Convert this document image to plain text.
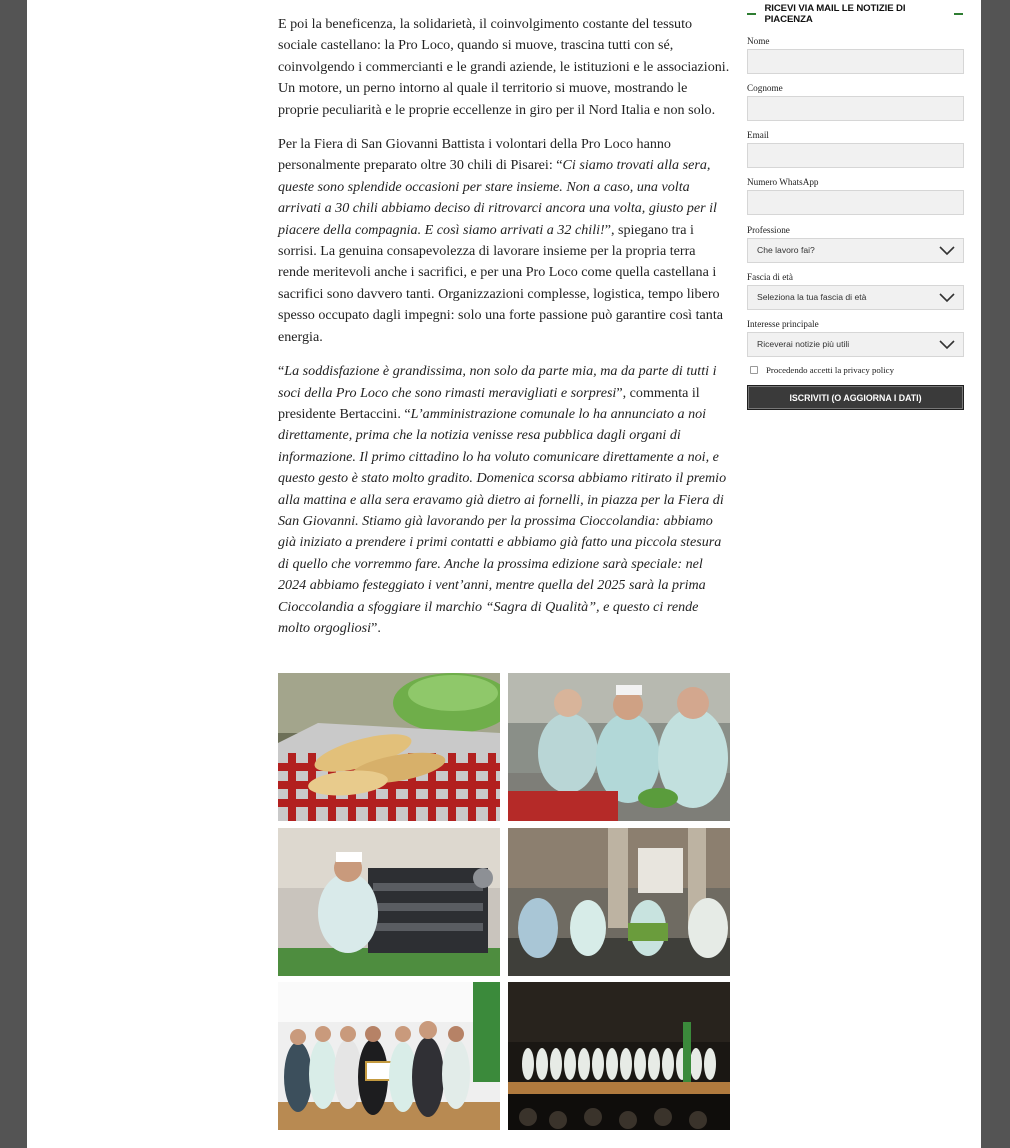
E poi la beneficenza, la solidarietà, il coinvolgimento costante del tessuto sociale castellano: la Pro Loco, quando si muove, trascina tutti con sé, coinvolgendo i commercianti e le grandi aziende, le istituzioni e le associazioni. Un motore, un perno intorno al quale il territorio si muove, mostrando le proprie peculiarità e le proprie eccellenze in giro per il Nord Italia e non solo.

Per la Fiera di San Giovanni Battista i volontari della Pro Loco hanno personalmente preparato oltre 30 chili di Pisarei: “Ci siamo trovati alla sera, queste sono splendide occasioni per stare insieme. Non a caso, una volta arrivati a 30 chili abbiamo deciso di ritrovarci ancora una volta, giusto per il piacere della compagnia. E così siamo arrivati a 32 chili!”, spiegano tra i sorrisi. La genuina consapevolezza di lavorare insieme per la propria terra rende meritevoli anche i sacrifici, e per una Pro Loco come quella castellana i sacrifici sono davvero tanti. Organizzazioni complesse, logistica, tempo libero spesso occupato dagli impegni: solo una forte passione può garantire così tanta energia.

“La soddisfazione è grandissima, non solo da parte mia, ma da parte di tutti i soci della Pro Loco che sono rimasti meravigliati e sorpresi”, commenta il presidente Bertaccini. “L’amministrazione comunale lo ha annunciato a noi direttamente, prima che la notizia venisse resa pubblica dagli organi di informazione. Il primo cittadino lo ha voluto comunicare direttamente a noi, e questo gesto è stato molto gradito. Domenica scorsa abbiamo ritirato il premio alla mattina e alla sera eravamo già dietro ai fornelli, in piazza per la Fiera di San Giovanni. Stiamo già lavorando per la prossima Cioccolandia: abbiamo già iniziato a prendere i primi contatti e abbiamo già fatto una piccola stesura di quello che vorremmo fare. Anche la prossima edizione sarà speciale: nel 2024 abbiamo festeggiato i vent’anni, mentre quella del 2025 sarà la prima Cioccolandia a sfoggiare il marchio “Sagra di Qualità”, e questo ci rende molto orgogliosi”.

RICEVI VIA MAIL LE NOTIZIE DI PIACENZA
Nome
Cognome
Email
Numero WhatsApp
Professione
Che lavoro fai?
Fascia di età
Seleziona la tua fascia di età
Interesse principale
Riceverai notizie più utili
Procedendo accetti la privacy policy
ISCRIVITI (O AGGIORNA I DATI)
